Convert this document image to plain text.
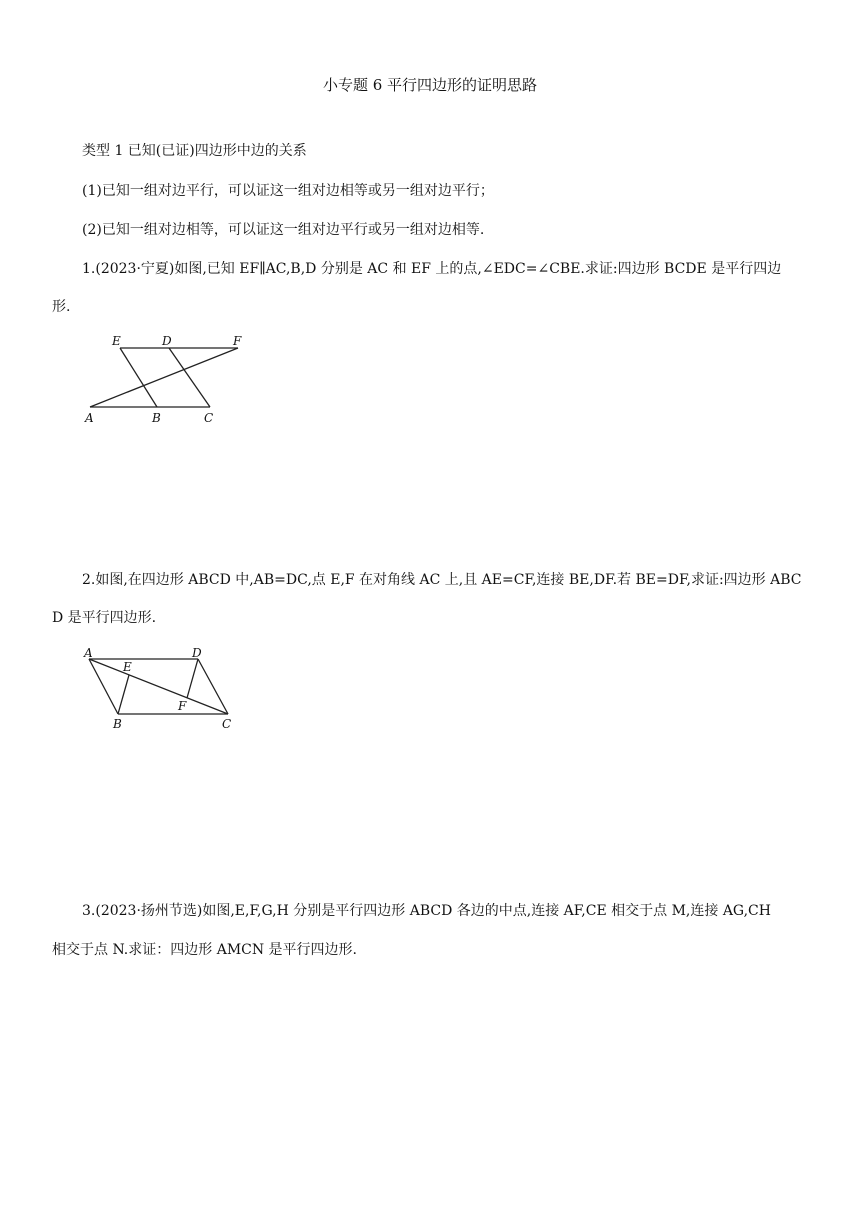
小专题 6 平行四边形的证明思路
类型 1 已知(已证)四边形中边的关系
(1)已知一组对边平行，可以证这一组对边相等或另一组对边平行；
(2)已知一组对边相等，可以证这一组对边平行或另一组对边相等.
1.(2023·宁夏)如图,已知 EF∥AC,B,D 分别是 AC 和 EF 上的点,∠EDC=∠CBE.求证:四边形 BCDE 是平行四边
形.
E	D	F
A	B	C
2.如图,在四边形 ABCD 中,AB=DC,点 E,F 在对角线 AC 上,且 AE=CF,连接 BE,DF.若 BE=DF,求证:四边形 ABC
D 是平行四边形.
A	D
E
F
B	C
3.(2023·扬州节选)如图,E,F,G,H 分别是平行四边形 ABCD 各边的中点,连接 AF,CE 相交于点 M,连接 AG,CH
相交于点 N.求证：四边形 AMCN 是平行四边形.
